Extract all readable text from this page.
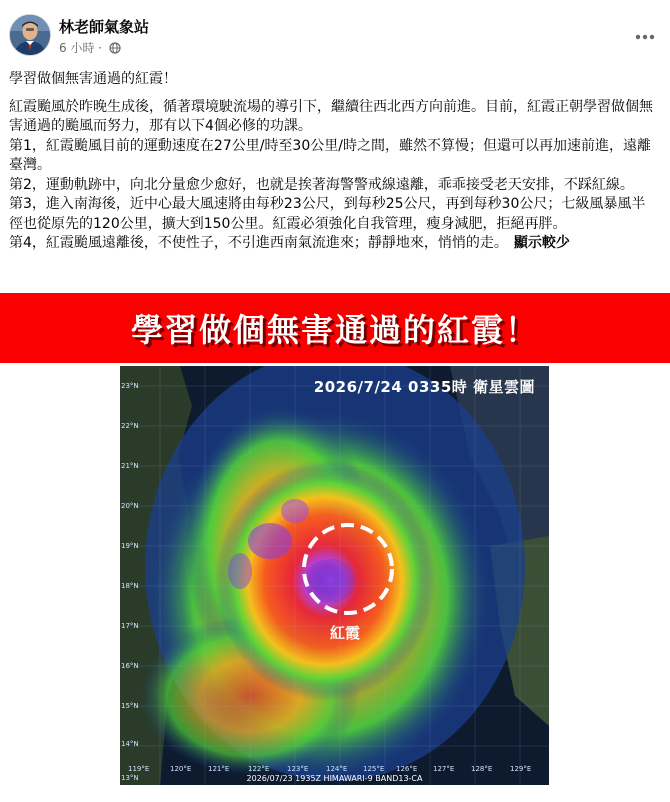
林老師氣象站
6 小時 ·

學習做個無害通過的紅霞！

紅霞颱風於昨晚生成後，循著環境駛流場的導引下，繼續往西北西方向前進。目前，紅霞正朝學習做個無害通過的颱風而努力，那有以下4個必修的功課。

第1，紅霞颱風目前的運動速度在27公里/時至30公里/時之間，雖然不算慢；但還可以再加速前進，遠離臺灣。

第2，運動軌跡中，向北分量愈少愈好，也就是挨著海警警戒線遠離，乖乖接受老天安排，不踩紅線。

第3，進入南海後，近中心最大風速將由每秒23公尺，到每秒25公尺，再到每秒30公尺；七級風暴風半徑也從原先的120公里，擴大到150公里。紅霞必須強化自我管理，瘦身減肥，拒絕再胖。

第4，紅霞颱風遠離後，不使性子，不引進西南氣流進來；靜靜地來，悄悄的走。 顯示較少

學習做個無害通過的紅霞！
23°N
22°N
21°N
20°N
19°N
18°N
17°N
16°N
15°N
14°N
13°N
119°E	120°E 121°E	122°E	123°E	124°E 125°E 126°E 127°E 128°E	129°E
2026/7/24 0335時 衛星雲圖
紅霞
2026/07/23 1935Z HIMAWARI-9 BAND13-CA
